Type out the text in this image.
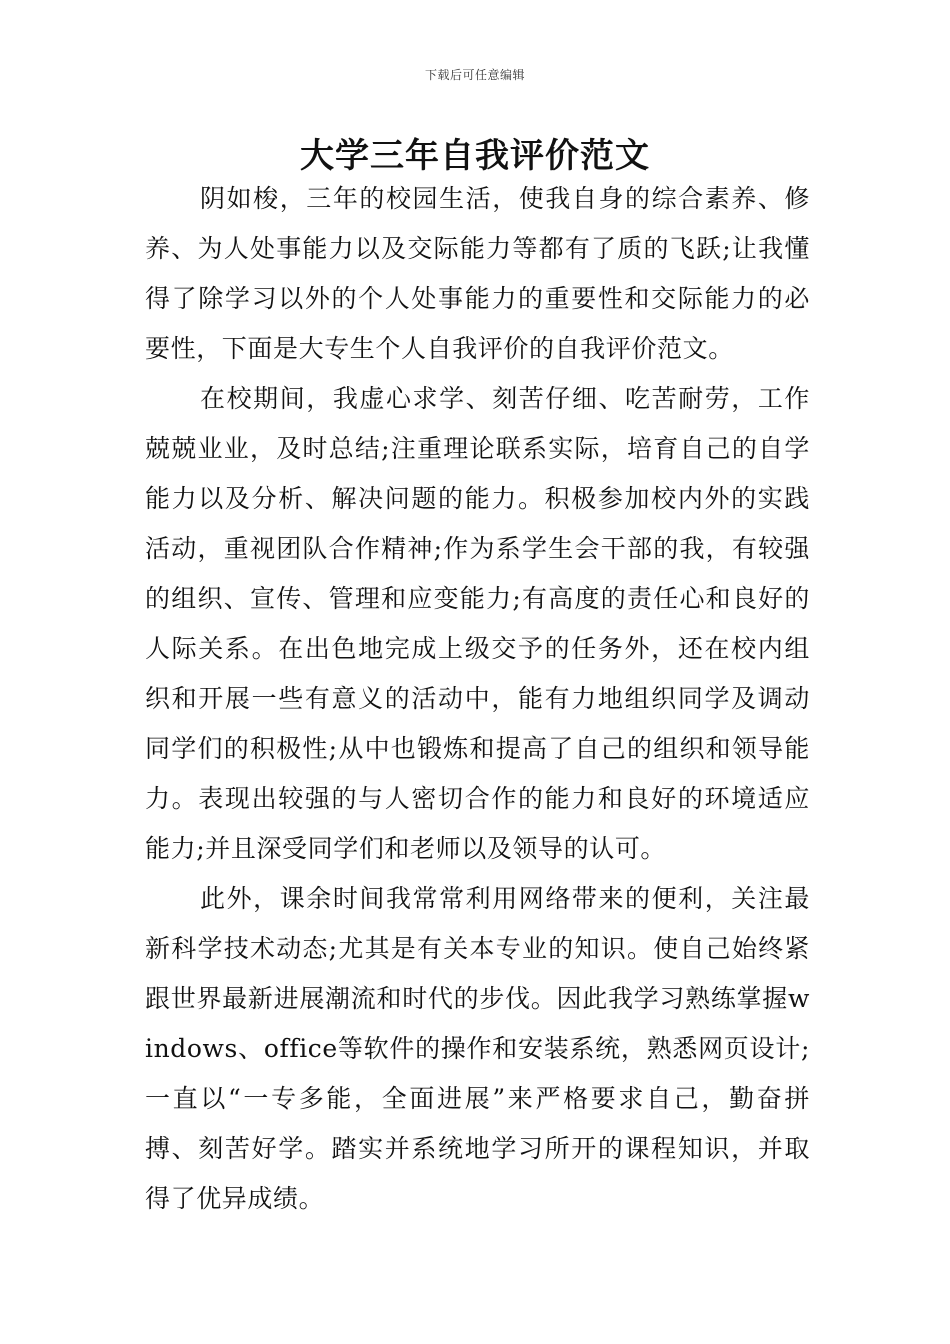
下载后可任意编辑
大学三年自我评价范文

阴如梭，三年的校园生活，使我自身的综合素养、修养、为人处事能力以及交际能力等都有了质的飞跃;让我懂得了除学习以外的个人处事能力的重要性和交际能力的必要性，下面是大专生个人自我评价的自我评价范文。

在校期间，我虚心求学、刻苦仔细、吃苦耐劳，工作兢兢业业，及时总结;注重理论联系实际，培育自己的自学能力以及分析、解决问题的能力。积极参加校内外的实践活动，重视团队合作精神;作为系学生会干部的我，有较强的组织、宣传、管理和应变能力;有高度的责任心和良好的人际关系。在出色地完成上级交予的任务外，还在校内组织和开展一些有意义的活动中，能有力地组织同学及调动同学们的积极性;从中也锻炼和提高了自己的组织和领导能力。表现出较强的与人密切合作的能力和良好的环境适应能力;并且深受同学们和老师以及领导的认可。

此外，课余时间我常常利用网络带来的便利，关注最新科学技术动态;尤其是有关本专业的知识。使自己始终紧跟世界最新进展潮流和时代的步伐。因此我学习熟练掌握windows、office等软件的操作和安装系统，熟悉网页设计;一直以“一专多能，全面进展”来严格要求自己，勤奋拼搏、刻苦好学。踏实并系统地学习所开的课程知识，并取得了优异成绩。
